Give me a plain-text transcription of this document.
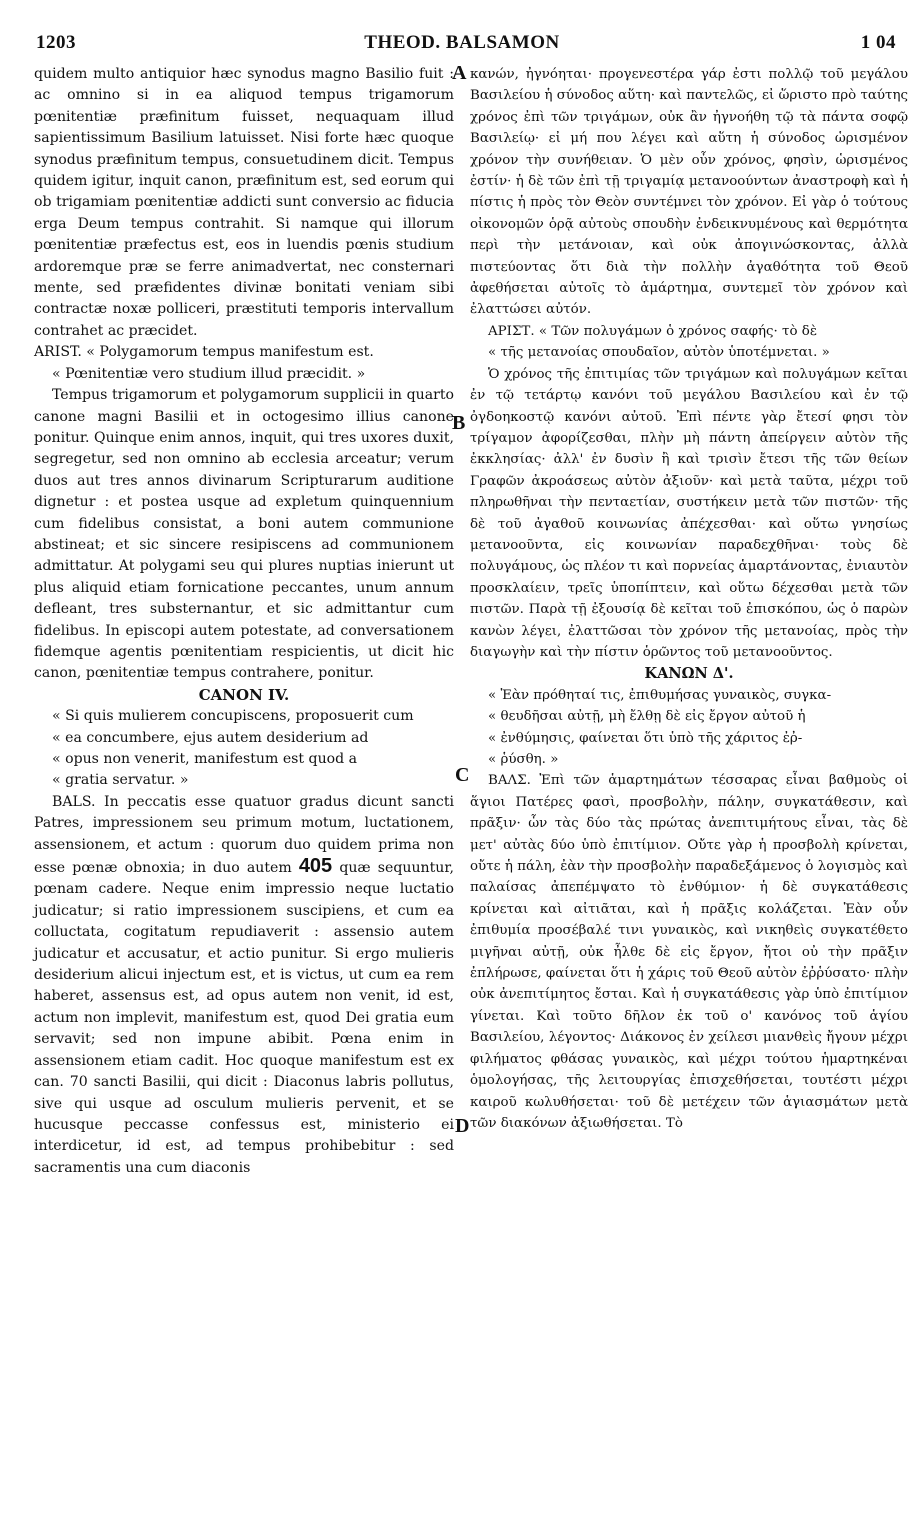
1203	THEOD. BALSAMON	1 04
A
B
C
D

quidem multo antiquior hæc synodus magno Basilio fuit : ac omnino si in ea aliquod tempus trigamorum pœnitentiæ præfinitum fuisset, nequaquam illud sapientissimum Basilium latuisset. Nisi forte hæc quoque synodus præfinitum tempus, consuetudinem dicit. Tempus quidem igitur, inquit canon, præfinitum est, sed eorum qui ob trigamiam pœnitentiæ addicti sunt conversio ac fiducia erga Deum tempus contrahit. Si namque qui illorum pœnitentiæ præfectus est, eos in luendis pœnis studium ardoremque præ se ferre animadvertat, nec consternari mente, sed præfidentes divinæ bonitati veniam sibi contractæ noxæ polliceri, præstituti temporis intervallum contrahet ac præcidet.

ARIST. « Polygamorum tempus manifestum est.

« Pœnitentiæ vero studium illud præcidit. »

Tempus trigamorum et polygamorum supplicii in quarto canone magni Basilii et in octogesimo illius canone ponitur. Quinque enim annos, inquit, qui tres uxores duxit, segregetur, sed non omnino ab ecclesia arceatur; verum duos aut tres annos divinarum Scripturarum auditione dignetur : et postea usque ad expletum quinquennium cum fidelibus consistat, a boni autem communione abstineat; et sic sincere resipiscens ad communionem admittatur. At polygami seu qui plures nuptias inierunt ut plus aliquid etiam fornicatione peccantes, unum annum defleant, tres substernantur, et sic admittantur cum fidelibus. In episcopi autem potestate, ad conversationem fidemque agentis pœnitentiam respicientis, ut dicit hic canon, pœnitentiæ tempus contrahere, ponitur.

CANON IV.

« Si quis mulierem concupiscens, proposuerit cum

« ea concumbere, ejus autem desiderium ad

« opus non venerit, manifestum est quod a

« gratia servatur. »

BALS. In peccatis esse quatuor gradus dicunt sancti Patres, impressionem seu primum motum, luctationem, assensionem, et actum : quorum duo quidem prima non esse pœnæ obnoxia; in duo autem 405 quæ sequuntur, pœnam cadere. Neque enim impressio neque luctatio judicatur; si ratio impressionem suscipiens, et cum ea colluctata, cogitatum repudiaverit : assensio autem judicatur et accusatur, et actio punitur. Si ergo mulieris desiderium alicui injectum est, et is victus, ut cum ea rem haberet, assensus est, ad opus autem non venit, id est, actum non implevit, manifestum est, quod Dei gratia eum servavit; sed non impune abibit. Pœna enim in assensionem etiam cadit. Hoc quoque manifestum est ex can. 70 sancti Basilii, qui dicit : Diaconus labris pollutus, sive qui usque ad osculum mulieris pervenit, et se hucusque peccasse confessus est, ministerio ei interdicetur, id est, ad tempus prohibebitur : sed sacramentis una cum diaconis

κανών, ἠγνόηται· προγενεστέρα γάρ ἐστι πολλῷ τοῦ μεγάλου Βασιλείου ἡ σύνοδος αὕτη· καὶ παντελῶς, εἰ ὥριστο πρὸ ταύτης χρόνος ἐπὶ τῶν τριγάμων, οὐκ ἂν ἠγνοήθη τῷ τὰ πάντα σοφῷ Βασιλείῳ· εἰ μή που λέγει καὶ αὕτη ἡ σύνοδος ὡρισμένον χρόνον τὴν συνήθειαν. Ὁ μὲν οὖν χρόνος, φησὶν, ὡρισμένος ἐστίν· ἡ δὲ τῶν ἐπὶ τῇ τριγαμίᾳ μετανοούντων ἀναστροφὴ καὶ ἡ πίστις ἡ πρὸς τὸν Θεὸν συντέμνει τὸν χρόνον. Εἰ γὰρ ὁ τούτους οἰκονομῶν ὁρᾷ αὐτοὺς σπουδὴν ἐνδεικνυμένους καὶ θερμότητα περὶ τὴν μετάνοιαν, καὶ οὐκ ἀπογινώσκοντας, ἀλλὰ πιστεύοντας ὅτι διὰ τὴν πολλὴν ἀγαθότητα τοῦ Θεοῦ ἀφεθήσεται αὐτοῖς τὸ ἁμάρτημα, συντεμεῖ τὸν χρόνον καὶ ἐλαττώσει αὐτόν.

ΑΡΙΣΤ. « Τῶν πολυγάμων ὁ χρόνος σαφής· τὸ δὲ

« τῆς μετανοίας σπουδαῖον, αὐτὸν ὑποτέμνεται. »

Ὁ χρόνος τῆς ἐπιτιμίας τῶν τριγάμων καὶ πολυγάμων κεῖται ἐν τῷ τετάρτῳ κανόνι τοῦ μεγάλου Βασιλείου καὶ ἐν τῷ ὀγδοηκοστῷ κανόνι αὐτοῦ. Ἐπὶ πέντε γὰρ ἔτεσί φησι τὸν τρίγαμον ἀφορίζεσθαι, πλὴν μὴ πάντη ἀπείργειν αὐτὸν τῆς ἐκκλησίας· ἀλλ' ἐν δυσὶν ἢ καὶ τρισὶν ἔτεσι τῆς τῶν θείων Γραφῶν ἀκροάσεως αὐτὸν ἀξιοῦν· καὶ μετὰ ταῦτα, μέχρι τοῦ πληρωθῆναι τὴν πενταετίαν, συστήκειν μετὰ τῶν πιστῶν· τῆς δὲ τοῦ ἀγαθοῦ κοινωνίας ἀπέχεσθαι· καὶ οὕτω γνησίως μετανοοῦντα, εἰς κοινωνίαν παραδεχθῆναι· τοὺς δὲ πολυγάμους, ὡς πλέον τι καὶ πορνείας ἁμαρτάνοντας, ἐνιαυτὸν προσκλαίειν, τρεῖς ὑποπίπτειν, καὶ οὕτω δέχεσθαι μετὰ τῶν πιστῶν. Παρὰ τῇ ἐξουσίᾳ δὲ κεῖται τοῦ ἐπισκόπου, ὡς ὁ παρὼν κανὼν λέγει, ἐλαττῶσαι τὸν χρόνον τῆς μετανοίας, πρὸς τὴν διαγωγὴν καὶ τὴν πίστιν ὁρῶντος τοῦ μετανοοῦντος.

ΚΑΝΩΝ Δ'.

« Ἐὰν πρόθηταί τις, ἐπιθυμήσας γυναικὸς, συγκα-

« θευδῆσαι αὐτῇ, μὴ ἔλθῃ δὲ εἰς ἔργον αὐτοῦ ἡ

« ἐνθύμησις, φαίνεται ὅτι ὑπὸ τῆς χάριτος ἐῤ-

« ῥύσθη. »

ΒΑΛΣ. Ἐπὶ τῶν ἁμαρτημάτων τέσσαρας εἶναι βαθμοὺς οἱ ἅγιοι Πατέρες φασὶ, προσβολὴν, πάλην, συγκατάθεσιν, καὶ πρᾶξιν· ὧν τὰς δύο τὰς πρώτας ἀνεπιτιμήτους εἶναι, τὰς δὲ μετ' αὐτὰς δύο ὑπὸ ἐπιτίμιον. Οὔτε γὰρ ἡ προσβολὴ κρίνεται, οὔτε ἡ πάλη, ἐὰν τὴν προσβολὴν παραδεξάμενος ὁ λογισμὸς καὶ παλαίσας ἀπεπέμψατο τὸ ἐνθύμιον· ἡ δὲ συγκατάθεσις κρίνεται καὶ αἰτιᾶται, καὶ ἡ πρᾶξις κολάζεται. Ἐὰν οὖν ἐπιθυμία προσέβαλέ τινι γυναικὸς, καὶ νικηθεὶς συγκατέθετο μιγῆναι αὐτῇ, οὐκ ἦλθε δὲ εἰς ἔργον, ἤτοι οὐ τὴν πρᾶξιν ἐπλήρωσε, φαίνεται ὅτι ἡ χάρις τοῦ Θεοῦ αὐτὸν ἐῤῥύσατο· πλὴν οὐκ ἀνεπιτίμητος ἔσται. Καὶ ἡ συγκατάθεσις γὰρ ὑπὸ ἐπιτίμιον γίνεται. Καὶ τοῦτο δῆλον ἐκ τοῦ ο' κανόνος τοῦ ἁγίου Βασιλείου, λέγοντος· Διάκονος ἐν χείλεσι μιανθεὶς ἤγουν μέχρι φιλήματος φθάσας γυναικὸς, καὶ μέχρι τούτου ἡμαρτηκέναι ὁμολογήσας, τῆς λειτουργίας ἐπισχεθήσεται, τουτέστι μέχρι καιροῦ κωλυθήσεται· τοῦ δὲ μετέχειν τῶν ἁγιασμάτων μετὰ τῶν διακόνων ἀξιωθήσεται. Τὸ
